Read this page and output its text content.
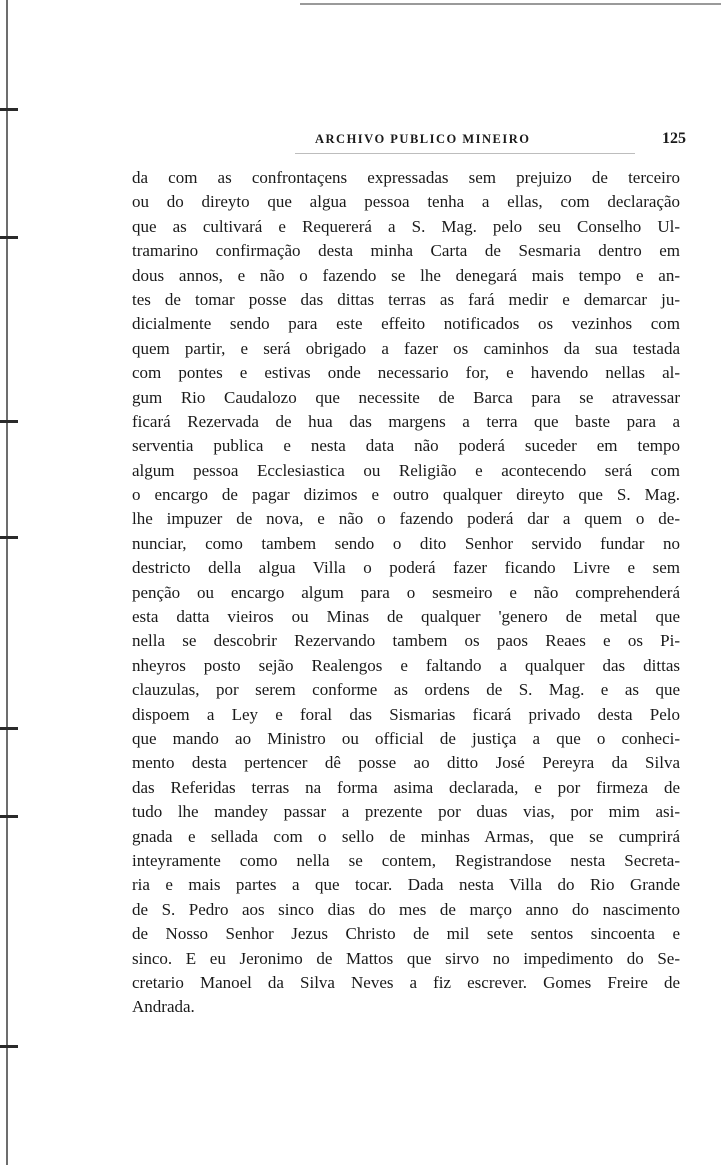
ARCHIVO PUBLICO MINEIRO	125
da com as confrontaçens expressadas sem prejuizo de terceiro
ou do direyto que algua pessoa tenha a ellas, com declaração
que as cultivará e Requererá a S. Mag. pelo seu Conselho Ul-
tramarino confirmação desta minha Carta de Sesmaria dentro em
dous annos, e não o fazendo se lhe denegará mais tempo e an-
tes de tomar posse das dittas terras as fará medir e demarcar ju-
dicialmente sendo para este effeito notificados os vezinhos com
quem partir, e será obrigado a fazer os caminhos da sua testada
com pontes e estivas onde necessario for, e havendo nellas al-
gum Rio Caudalozo que necessite de Barca para se atravessar
ficará Rezervada de hua das margens a terra que baste para a
serventia publica e nesta data não poderá suceder em tempo
algum pessoa Ecclesiastica ou Religião e acontecendo será com
o encargo de pagar dizimos e outro qualquer direyto que S. Mag.
lhe impuzer de nova, e não o fazendo poderá dar a quem o de-
nunciar, como tambem sendo o dito Senhor servido fundar no
destricto della algua Villa o poderá fazer ficando Livre e sem
penção ou encargo algum para o sesmeiro e não comprehenderá
esta datta vieiros ou Minas de qualquer 'genero de metal que
nella se descobrir Rezervando tambem os paos Reaes e os Pi-
nheyros posto sejão Realengos e faltando a qualquer das dittas
clauzulas, por serem conforme as ordens de S. Mag. e as que
dispoem a Ley e foral das Sismarias ficará privado desta Pelo
que mando ao Ministro ou official de justiça a que o conheci-
mento desta pertencer dê posse ao ditto José Pereyra da Silva
das Referidas terras na forma asima declarada, e por firmeza de
tudo lhe mandey passar a prezente por duas vias, por mim asi-
gnada e sellada com o sello de minhas Armas, que se cumprirá
inteyramente como nella se contem, Registrandose nesta Secreta-
ria e mais partes a que tocar. Dada nesta Villa do Rio Grande
de S. Pedro aos sinco dias do mes de março anno do nascimento
de Nosso Senhor Jezus Christo de mil sete sentos sincoenta e
sinco. E eu Jeronimo de Mattos que sirvo no impedimento do Se-
cretario Manoel da Silva Neves a fiz escrever. Gomes Freire de
Andrada.
